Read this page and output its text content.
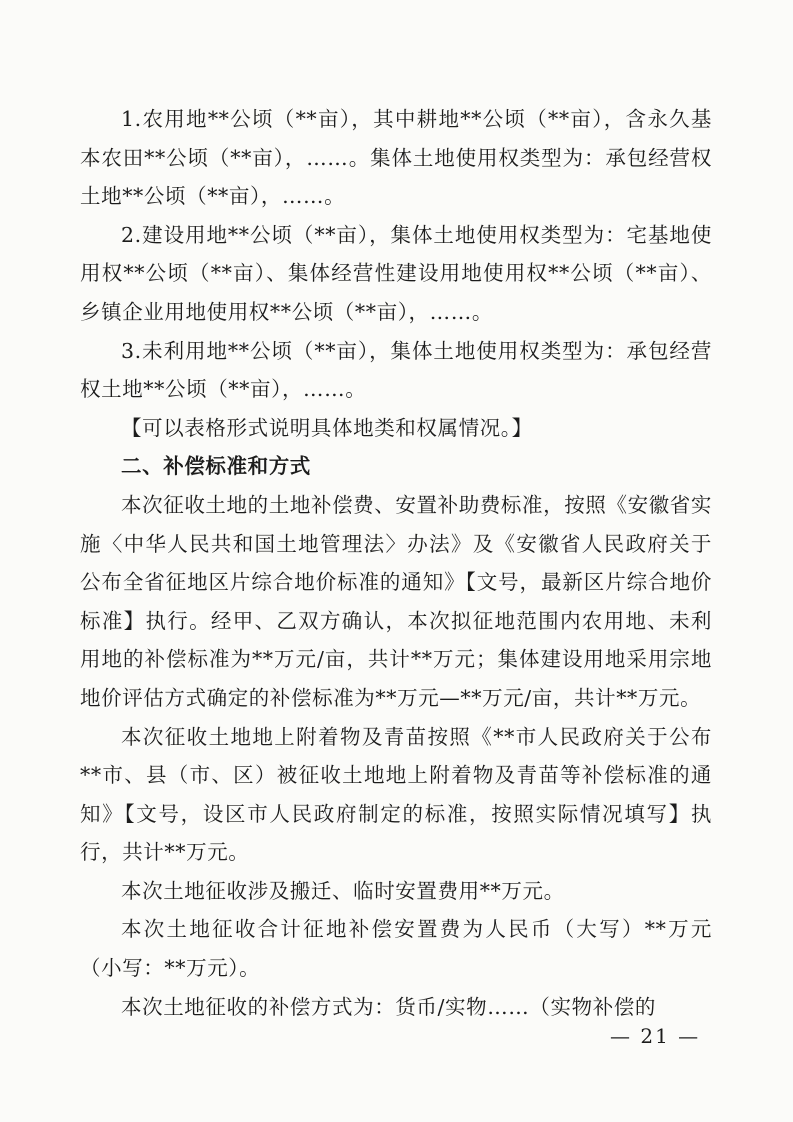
1.农用地**公顷（**亩），其中耕地**公顷（**亩），含永久基本农田**公顷（**亩），……。集体土地使用权类型为：承包经营权土地**公顷（**亩），……。

2.建设用地**公顷（**亩），集体土地使用权类型为：宅基地使用权**公顷（**亩）、集体经营性建设用地使用权**公顷（**亩）、乡镇企业用地使用权**公顷（**亩），……。

3.未利用地**公顷（**亩），集体土地使用权类型为：承包经营权土地**公顷（**亩），……。

【可以表格形式说明具体地类和权属情况。】

二、补偿标准和方式

本次征收土地的土地补偿费、安置补助费标准，按照《安徽省实施〈中华人民共和国土地管理法〉办法》及《安徽省人民政府关于公布全省征地区片综合地价标准的通知》【文号，最新区片综合地价标准】执行。经甲、乙双方确认，本次拟征地范围内农用地、未利用地的补偿标准为**万元/亩，共计**万元；集体建设用地采用宗地地价评估方式确定的补偿标准为**万元—**万元/亩，共计**万元。

本次征收土地地上附着物及青苗按照《**市人民政府关于公布**市、县（市、区）被征收土地地上附着物及青苗等补偿标准的通知》【文号，设区市人民政府制定的标准，按照实际情况填写】执行，共计**万元。

本次土地征收涉及搬迁、临时安置费用**万元。

本次土地征收合计征地补偿安置费为人民币（大写）**万元（小写：**万元）。

本次土地征收的补偿方式为：货币/实物……（实物补偿的

— 21 —
